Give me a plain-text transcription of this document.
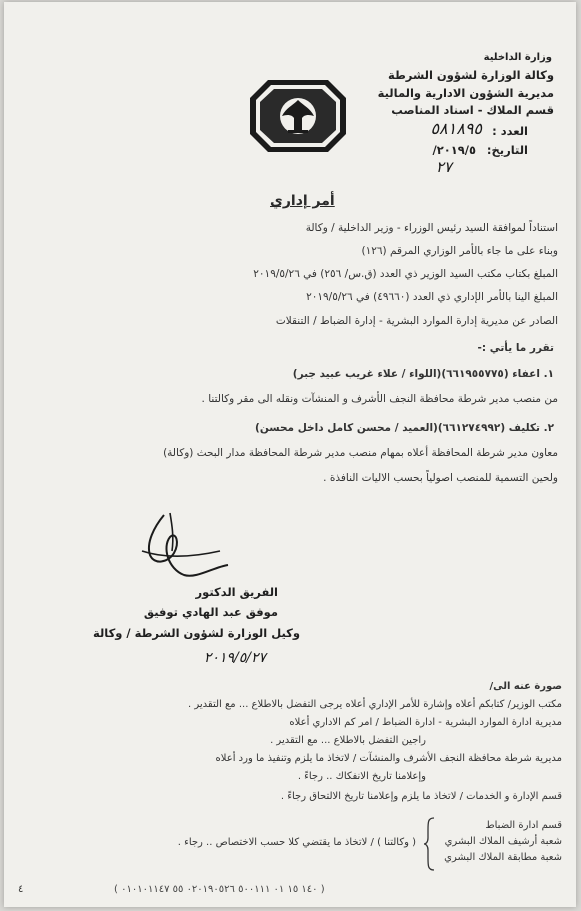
وزارة الداخلية
وكالة الوزارة لشؤون الشرطة
مديرية الشؤون الادارية والمالية
قسم الملاك - اسناد المناصب
العدد :
٥٨١٨٩٥
التاريخ:
٢٠١٩/٥/
٢٧
أمر إداري
استناداً لموافقة السيد رئيس الوزراء - وزير الداخلية / وكالة
وبناء على ما جاء بالأمر الوزاري المرقم (١٢٦)
المبلغ بكتاب مكتب السيد الوزير ذي العدد (ق.س/ ٢٥٦) في ٢٠١٩/٥/٢٦
المبلغ الينا بالأمر الإداري ذي العدد (٤٩٦٦٠) في ٢٠١٩/٥/٢٦
الصادر عن مديرية إدارة الموارد البشرية - إدارة الضباط / التنقلات
تقرر ما يأتي :-
١. اعفاء (٦٦١٩٥٥٧٧٥)(اللواء / علاء غريب عبيد جبر)
من منصب مدير شرطة محافظة النجف الأشرف و المنشآت ونقله الى مقر وكالتنا .
٢. تكليف (٦٦١٢٧٤٩٩٢)(العميد / محسن كامل داخل محسن)
معاون مدير شرطة المحافظة أعلاه بمهام منصب مدير شرطة المحافظة مدار البحث (وكالة)
ولحين التسمية للمنصب اصولياً بحسب الاليات النافذة .
الفريق الدكتور
موفق عبد الهادي توفيق
وكيل الوزارة لشؤون الشرطة / وكالة
٢٠١٩/٥/٢٧
صورة عنه الى/
مكتب الوزير/ كتابكم أعلاه وإشارة للأمر الإداري أعلاه يرجى التفضل بالاطلاع ... مع التقدير .
مديرية ادارة الموارد البشرية - ادارة الضباط / امر كم الاداري أعلاه
راجين التفضل بالاطلاع ... مع التقدير .
مديرية شرطة محافظة النجف الأشرف والمنشآت / لاتخاذ ما يلزم وتنفيذ ما ورد أعلاه
وإعلامنا تاريخ الانفكاك .. رجاءً .
قسم الإدارة و الخدمات / لاتخاذ ما يلزم وإعلامنا تاريخ الالتحاق رجاءً .
قسم ادارة الضباط
شعبة أرشيف الملاك البشري
شعبة مطابقة الملاك البشري
( وكالتنا ) / لاتخاذ ما يقتضي كلا حسب الاختصاص .. رجاء .
( ١٤٠ ١٥ ٠١ ٥٠٠١١١ ٠٢٠١٩٠٥٢٦ ٥٥ ٠١٠١٠١١٤٧ )
٤
